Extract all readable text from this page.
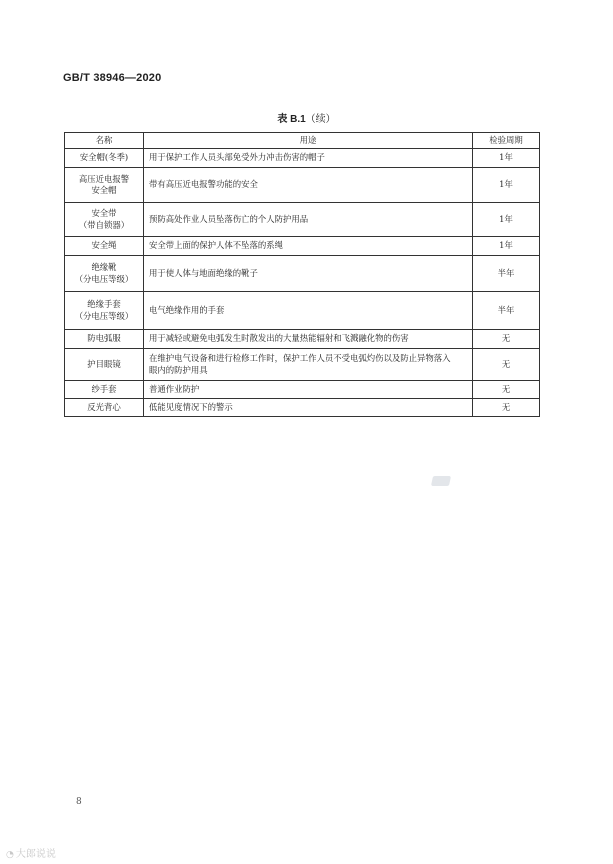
GB/T 38946—2020
表 B.1（续）
名称	用途	检验周期
安全帽(冬季)	用于保护工作人员头部免受外力冲击伤害的帽子	1年
高压近电报警
安全帽	带有高压近电报警功能的安全	1年
安全带
（带自锁器）	预防高处作业人员坠落伤亡的个人防护用品	1年
安全绳	安全带上面的保护人体不坠落的系绳	1年
绝缘靴
（分电压等级）	用于使人体与地面绝缘的靴子	半年
绝缘手套
（分电压等级）	电气绝缘作用的手套	半年
防电弧服	用于减轻或避免电弧发生时散发出的大量热能辐射和飞溅融化物的伤害	无
护目眼镜	在维护电气设备和进行检修工作时，保护工作人员不受电弧灼伤以及防止异物落入
眼内的防护用具	无
纱手套	普通作业防护	无
反光背心	低能见度情况下的警示	无
8
◔ 大郎说说
